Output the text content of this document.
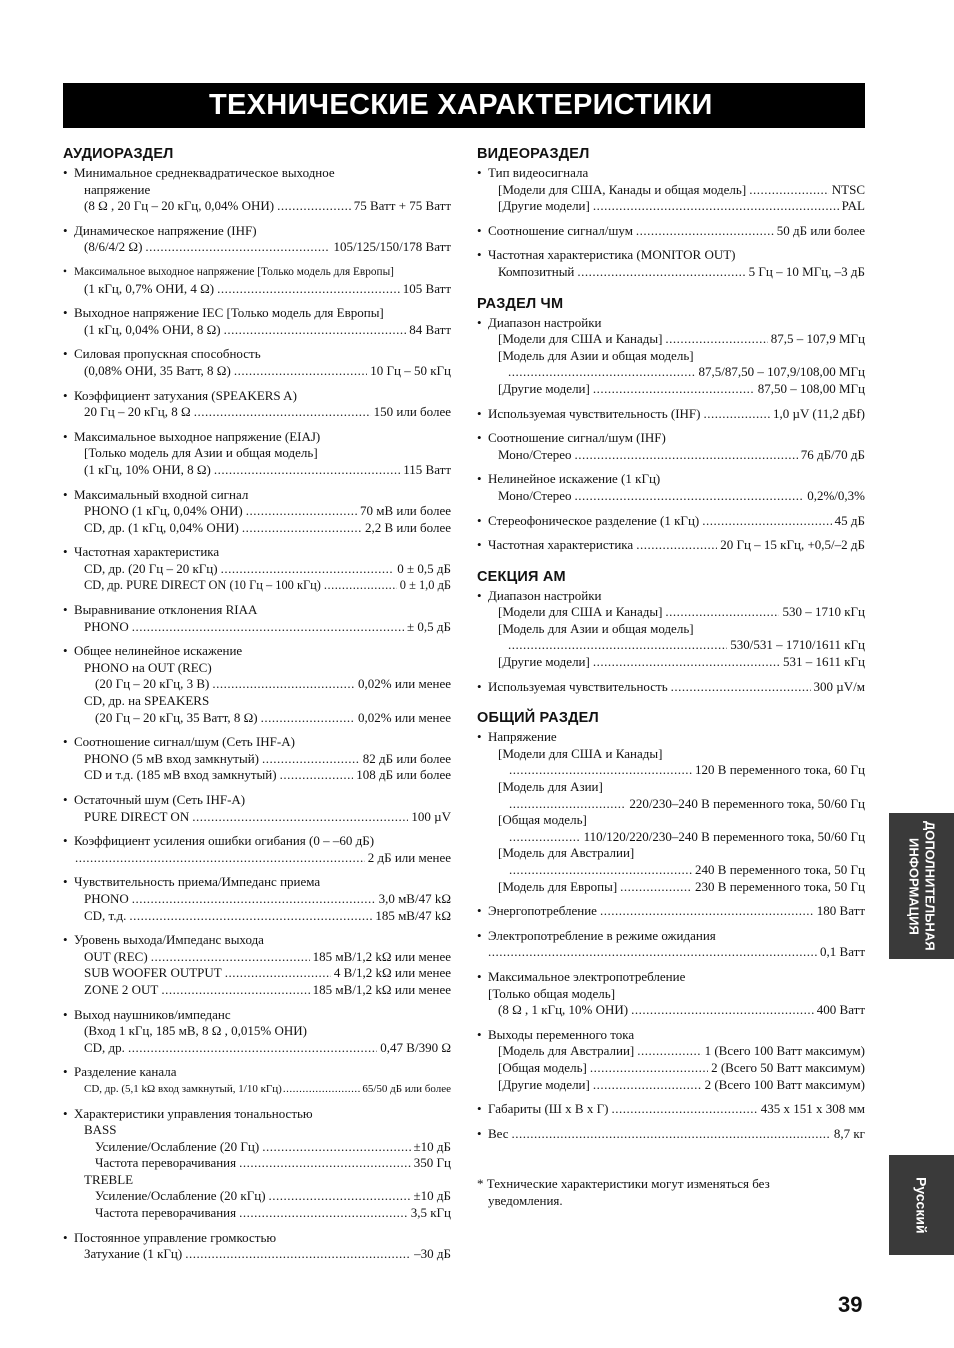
ТЕХНИЧЕСКИЕ ХАРАКТЕРИСТИКИ
АУДИОРАЗДЕЛ
• Минимальное среднеквадратическое выходное
напряжение
(8 Ω , 20 Гц – 20 кГц, 0,04% ОНИ) .....	75 Ватт + 75 Ватт
• Динамическое напряжение (IHF)
(8/6/4/2 Ω) .....	105/125/150/178 Ватт
• Максимальное выходное напряжение [Только модель для Европы]
(1 кГц, 0,7% ОНИ, 4 Ω) .....	105 Ватт
• Выходное напряжение IEC [Только модель для Европы]
(1 кГц, 0,04% ОНИ, 8 Ω) .....	84 Ватт
• Силовая пропускная способность
(0,08% ОНИ, 35 Ватт, 8 Ω) .....	10 Гц – 50 кГц
• Коэффициент затухания (SPEAKERS A)
20 Гц – 20 кГц, 8 Ω .....	150 или более
• Максимальное выходное напряжение (EIAJ)
[Только модель для Азии и общая модель]
(1 кГц, 10% ОНИ, 8 Ω) .....	115 Ватт
• Максимальный входной сигнал
PHONO (1 кГц, 0,04% ОНИ) .....	70 мВ или более
CD, др. (1 кГц, 0,04% ОНИ) .....	2,2 В или более
• Частотная характеристика
CD, др. (20 Гц – 20 кГц) .....	0 ± 0,5 дБ
CD, др. PURE DIRECT ON (10 Гц – 100 кГц) .....	0 ± 1,0 дБ
• Выравнивание отклонения RIAA
PHONO .....	± 0,5 дБ
• Общее нелинейное искажение
PHONO на OUT (REC)
(20 Гц – 20 кГц, 3 В) .....	0,02% или менее
CD, др. на SPEAKERS
(20 Гц – 20 кГц, 35 Ватт, 8 Ω) .....	0,02% или менее
• Соотношение сигнал/шум (Сеть IHF-A)
PHONO (5 мВ вход замкнутый) .....	82 дБ или более
CD и т.д. (185 мВ вход замкнутый) .....	108 дБ или более
• Остаточный шум (Сеть IHF-A)
PURE DIRECT ON .....	100 µV
• Коэффициент усиления ошибки огибания (0 – –60 дБ)
.....
2 дБ или менее
• Чувствительность приема/Импеданс приема
PHONO .....	3,0 мВ/47 kΩ
CD, т.д. .....	185 мВ/47 kΩ
• Уровень выхода/Импеданс выхода
OUT (REC) .....	185 мВ/1,2 kΩ или менее
SUB WOOFER OUTPUT .....	4 В/1,2 kΩ или менее
ZONE 2 OUT .....	185 мВ/1,2 kΩ или менее
• Выход наушников/импеданс
(Вход 1 кГц, 185 мВ, 8 Ω , 0,015% ОНИ)
CD, др. .....	0,47 В/390 Ω
• Разделение канала
CD, др. (5,1 kΩ вход замкнутый, 1/10 кГц) .....	65/50 дБ или более
• Характеристики управления тональностью
BASS
Усиление/Ослабление (20 Гц) .....	±10 дБ
Частота переворачивания .....	350 Гц
TREBLE
Усиление/Ослабление (20 кГц) .....	±10 дБ
Частота переворачивания .....	3,5 кГц
• Постоянное управление громкостью
Затухание (1 кГц) .....	–30 дБ
ВИДЕОРАЗДЕЛ
• Тип видеосигнала
[Модели для США, Канады и общая модель] .....	NTSC
[Другие модели] .....	PAL
• Соотношение сигнал/шум .....	50 дБ или более
• Частотная характеристика (MONITOR OUT)
Композитный .....	5 Гц – 10 МГц, –3 дБ
РАЗДЕЛ ЧМ
• Диапазон настройки
[Модели для США и Канады] .....	87,5 – 107,9 МГц
[Модель для Азии и общая модель]
.....
87,5/87,50 – 107,9/108,00 МГц
[Другие модели] .....	87,50 – 108,00 МГц
• Используемая чувствительность (IHF) .....	1,0 µV (11,2 дБf)
• Соотношение сигнал/шум (IHF)
Моно/Стерео .....	76 дБ/70 дБ
• Нелинейное искажение (1 кГц)
Моно/Стерео .....	0,2%/0,3%
• Стереофоническое разделение (1 кГц) .....	45 дБ
• Частотная характеристика .....	20 Гц – 15 кГц, +0,5/–2 дБ
СЕКЦИЯ AM
• Диапазон настройки
[Модели для США и Канады] .....	530 – 1710 кГц
[Модель для Азии и общая модель]
.....
530/531 – 1710/1611 кГц
[Другие модели] .....	531 – 1611 кГц
• Используемая чувствительность .....	300 µV/м
ОБЩИЙ РАЗДЕЛ
• Напряжение
[Модели для США и Канады]
.....
120 В переменного тока, 60 Гц
[Модель для Азии]
.....
220/230–240 В переменного тока, 50/60 Гц
[Общая модель]
.....
110/120/220/230–240 В переменного тока, 50/60 Гц
[Модель для Австралии]
.....
240 В переменного тока, 50 Гц
[Модель для Европы] .....	230 В переменного тока, 50 Гц
• Энергопотребление .....	180 Ватт
• Электропотребление в режиме ожидания
.....
0,1 Ватт
• Максимальное электропотребление
[Только общая модель]
(8 Ω , 1 кГц, 10% ОНИ) .....	400 Ватт
• Выходы переменного тока
[Модель для Австралии] .....	1 (Всего 100 Ватт максимум)
[Общая модель] .....	2 (Всего 50 Ватт максимум)
[Другие модели] .....	2 (Всего 100 Ватт максимум)
• Габариты (Ш x В x Г) .....	435 x 151 x 308 мм
• Вес .....	8,7 кг
* Технические характеристики могут изменяться без
уведомления.
ДОПОЛНИТЕЛЬНАЯ ИНФОРМАЦИЯ
Русский
39
